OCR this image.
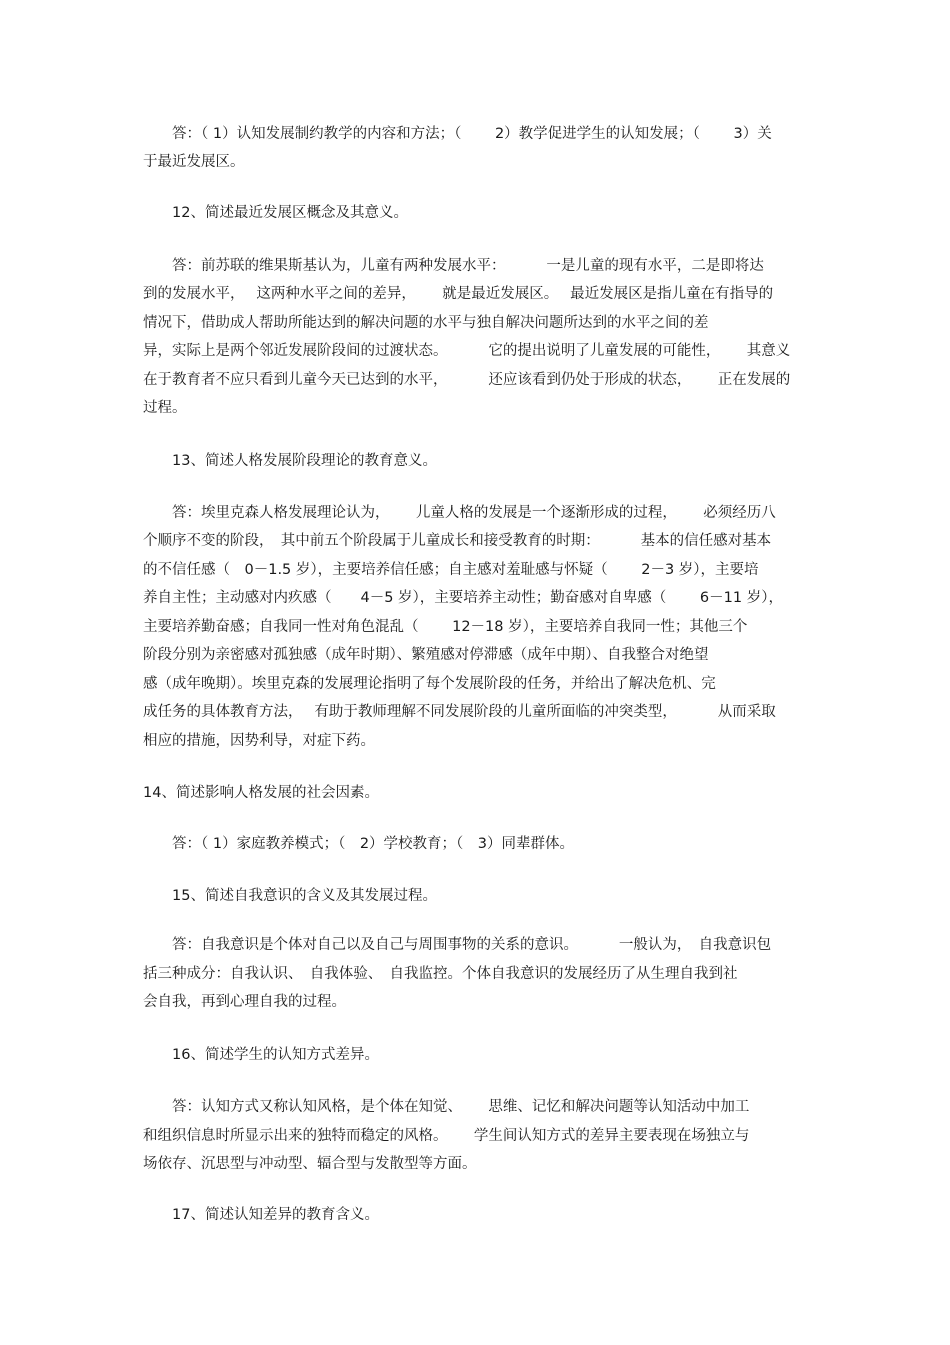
　　答：（ 1）认知发展制约教学的内容和方法；（　　 2）教学促进学生的认知发展；（　　 3）关
于最近发展区。
　　12、简述最近发展区概念及其意义。
　　答：前苏联的维果斯基认为，儿童有两种发展水平：　　　 一是儿童的现有水平，二是即将达
到的发展水平，　 这两种水平之间的差异，　　 就是最近发展区。　 最近发展区是指儿童在有指导的
情况下，借助成人帮助所能达到的解决问题的水平与独自解决问题所达到的水平之间的差
异，实际上是两个邻近发展阶段间的过渡状态。　　　 它的提出说明了儿童发展的可能性，　　 其意义
在于教育者不应只看到儿童今天已达到的水平，　　　 还应该看到仍处于形成的状态，　　 正在发展的
过程。
　　13、简述人格发展阶段理论的教育意义。
　　答：埃里克森人格发展理论认为，　　 儿童人格的发展是一个逐渐形成的过程，　　 必须经历八
个顺序不变的阶段，　其中前五个阶段属于儿童成长和接受教育的时期：　　　 基本的信任感对基本
的不信任感（　0－1.5 岁），主要培养信任感；自主感对羞耻感与怀疑（　　 2－3 岁），主要培
养自主性；主动感对内疚感（　　4－5 岁），主要培养主动性；勤奋感对自卑感（　　 6－11 岁），
主要培养勤奋感；自我同一性对角色混乱（　　 12－18 岁），主要培养自我同一性；其他三个
阶段分别为亲密感对孤独感（成年时期）、繁殖感对停滞感（成年中期）、自我整合对绝望
感（成年晚期）。埃里克森的发展理论指明了每个发展阶段的任务，并给出了解决危机、完
成任务的具体教育方法，　 有助于教师理解不同发展阶段的儿童所面临的冲突类型，　　　 从而采取
相应的措施，因势利导，对症下药。
14、简述影响人格发展的社会因素。
　　答：（ 1）家庭教养模式；（　2）学校教育；（　3）同辈群体。
　　15、简述自我意识的含义及其发展过程。
　　答：自我意识是个体对自己以及自己与周围事物的关系的意识。　　　 一般认为，　自我意识包
括三种成分：自我认识、　自我体验、　自我监控。个体自我意识的发展经历了从生理自我到社
会自我，再到心理自我的过程。
　　16、简述学生的认知方式差异。
　　答：认知方式又称认知风格，是个体在知觉、　　 思维、记忆和解决问题等认知活动中加工
和组织信息时所显示出来的独特而稳定的风格。　　 学生间认知方式的差异主要表现在场独立与
场依存、沉思型与冲动型、辐合型与发散型等方面。
　　17、简述认知差异的教育含义。
